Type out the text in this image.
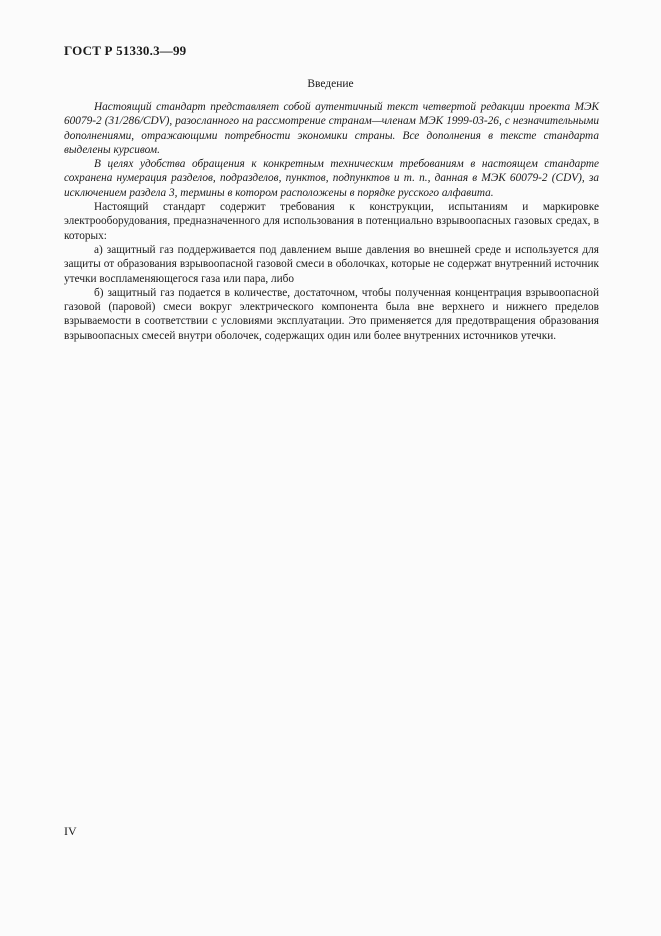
ГОСТ Р 51330.3—99
Введение

Настоящий стандарт представляет собой аутентичный текст четвертой редакции проекта МЭК 60079-2 (31/286/CDV), разосланного на рассмотрение странам—членам МЭК 1999-03-26, с незначительными дополнениями, отражающими потребности экономики страны. Все дополнения в тексте стандарта выделены курсивом.

В целях удобства обращения к конкретным техническим требованиям в настоящем стандарте сохранена нумерация разделов, подразделов, пунктов, подпунктов и т. п., данная в МЭК 60079-2 (CDV), за исключением раздела 3, термины в котором расположены в порядке русского алфавита.

Настоящий стандарт содержит требования к конструкции, испытаниям и маркировке электрооборудования, предназначенного для использования в потенциально взрывоопасных газовых средах, в которых:

а) защитный газ поддерживается под давлением выше давления во внешней среде и используется для защиты от образования взрывоопасной газовой смеси в оболочках, которые не содержат внутренний источник утечки воспламеняющегося газа или пара, либо

б) защитный газ подается в количестве, достаточном, чтобы полученная концентрация взрывоопасной газовой (паровой) смеси вокруг электрического компонента была вне верхнего и нижнего пределов взрываемости в соответствии с условиями эксплуатации. Это применяется для предотвращения образования взрывоопасных смесей внутри оболочек, содержащих один или более внутренних источников утечки.

IV
